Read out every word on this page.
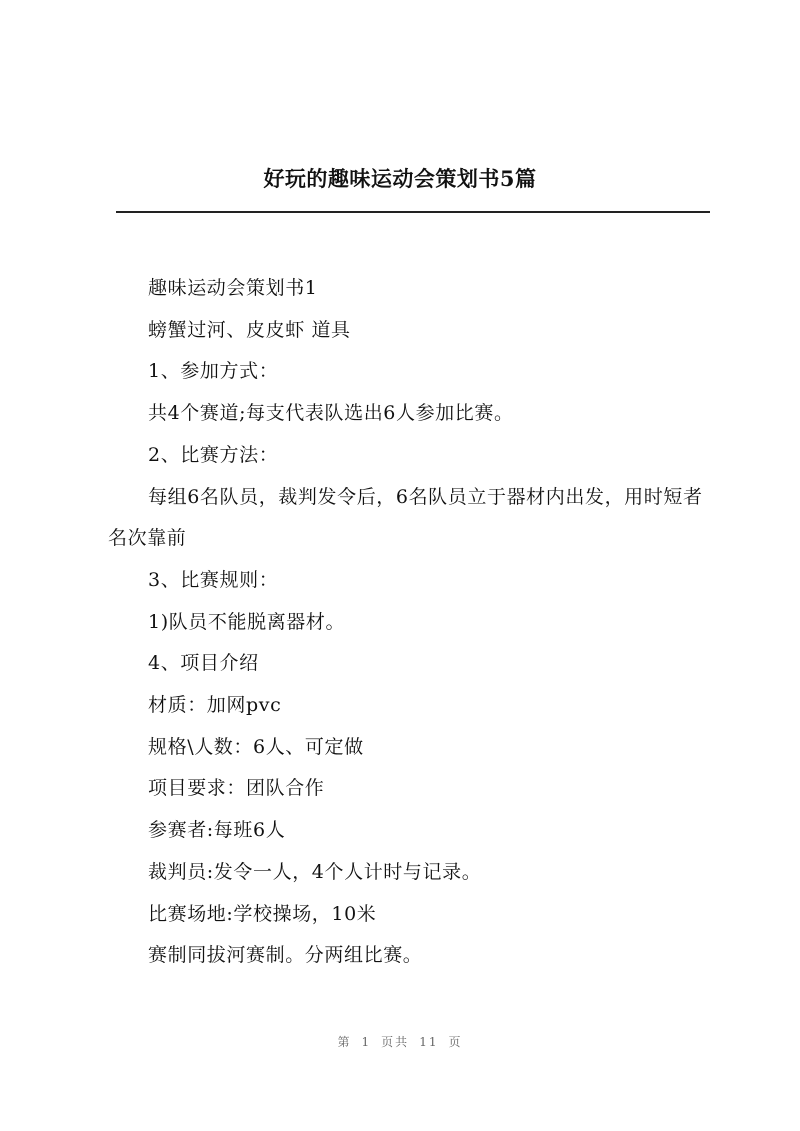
好玩的趣味运动会策划书5篇

趣味运动会策划书1

螃蟹过河、皮皮虾 道具

1、参加方式：

共4个赛道;每支代表队选出6人参加比赛。

2、比赛方法：

每组6名队员，裁判发令后，6名队员立于器材内出发，用时短者名次靠前

3、比赛规则：

1)队员不能脱离器材。

4、项目介绍

材质：加网pvc

规格\人数：6人、可定做

项目要求：团队合作

参赛者:每班6人

裁判员:发令一人，4个人计时与记录。

比赛场地:学校操场，10米

赛制同拔河赛制。分两组比赛。

第 1 页共 11 页
